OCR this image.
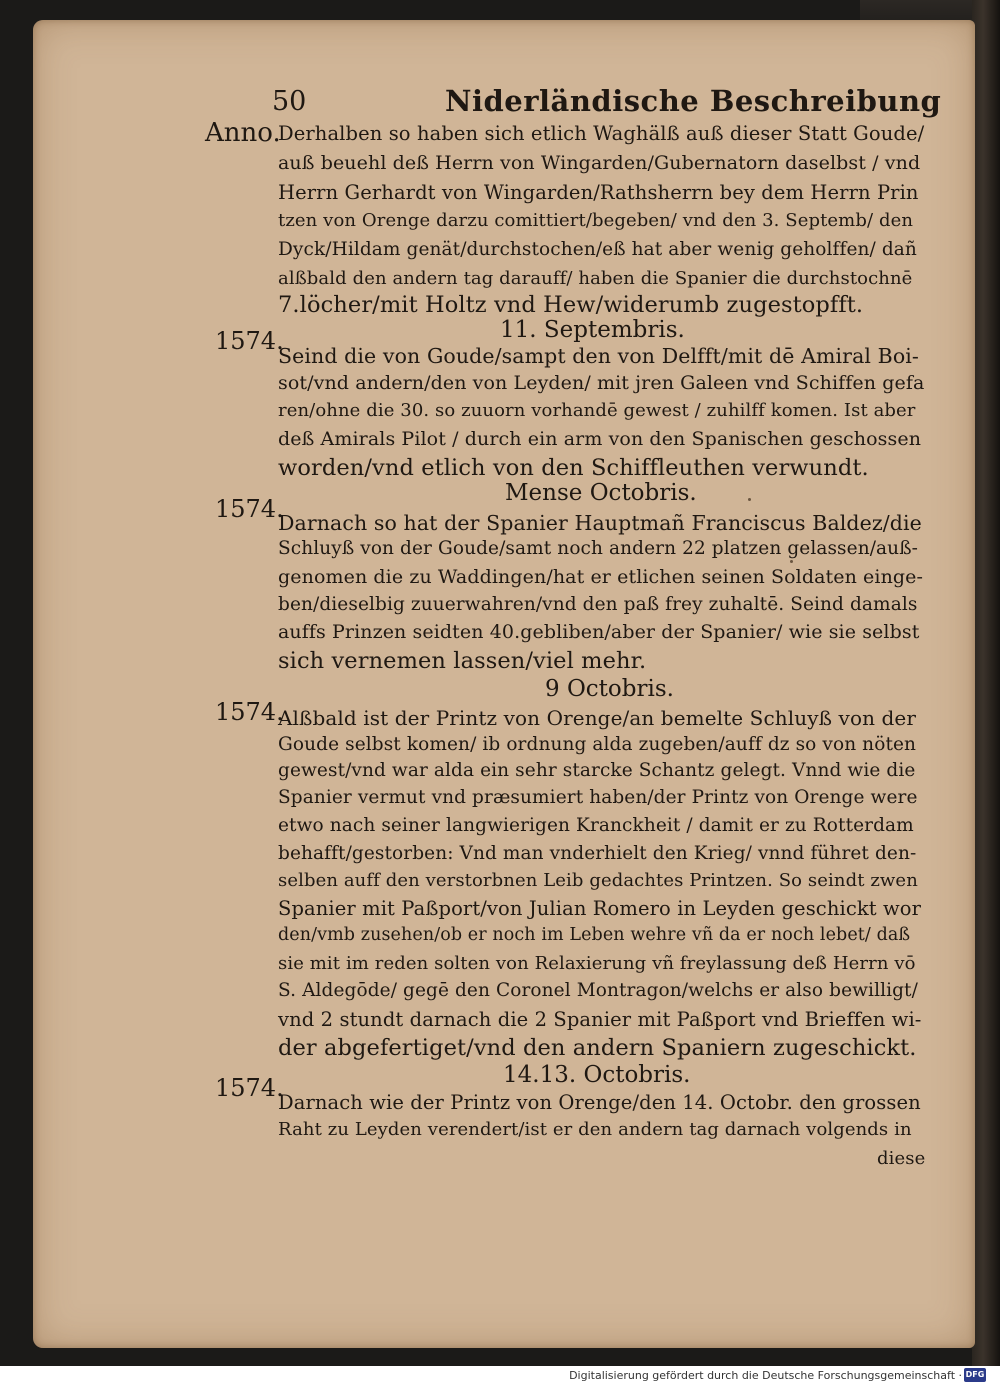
50	Niderländische Beschreibung
Anno.
1574.
1574.
1574.
1574.
Derhalben so haben sich etlich Waghälß auß dieser Statt Goude/
auß beuehl deß Herrn von Wingarden/Gubernatorn daselbst / vnd
Herrn Gerhardt von Wingarden/Rathsherrn bey dem Herrn Prin
tzen von Orenge darzu comittiert/begeben/ vnd den 3. Septemb/ den
Dyck/Hildam genät/durchstochen/eß hat aber wenig geholffen/ dañ
alßbald den andern tag darauff/ haben die Spanier die durchstochnē
7.löcher/mit Holtz vnd Hew/widerumb zugestopfft.
11. Septembris.
Seind die von Goude/sampt den von Delfft/mit dē Amiral Boi-
sot/vnd andern/den von Leyden/ mit jren Galeen vnd Schiffen gefa
ren/ohne die 30. so zuuorn vorhandē gewest / zuhilff komen. Ist aber
deß Amirals Pilot / durch ein arm von den Spanischen geschossen
worden/vnd etlich von den Schiffleuthen verwundt.
Mense Octobris.
Darnach so hat der Spanier Hauptmañ Franciscus Baldez/die
Schluyß von der Goude/samt noch andern 22 platzen gelassen/auß-
genomen die zu Waddingen/hat er etlichen seinen Soldaten einge-
ben/dieselbig zuuerwahren/vnd den paß frey zuhaltē. Seind damals
auffs Prinzen seidten 40.gebliben/aber der Spanier/ wie sie selbst
sich vernemen lassen/viel mehr.
9 Octobris.
Alßbald ist der Printz von Orenge/an bemelte Schluyß von der
Goude selbst komen/ ib ordnung alda zugeben/auff dz so von nöten
gewest/vnd war alda ein sehr starcke Schantz gelegt. Vnnd wie die
Spanier vermut vnd præsumiert haben/der Printz von Orenge were
etwo nach seiner langwierigen Kranckheit / damit er zu Rotterdam
behafft/gestorben: Vnd man vnderhielt den Krieg/ vnnd führet den-
selben auff den verstorbnen Leib gedachtes Printzen. So seindt zwen
Spanier mit Paßport/von Julian Romero in Leyden geschickt wor
den/vmb zusehen/ob er noch im Leben wehre vñ da er noch lebet/ daß
sie mit im reden solten von Relaxierung vñ freylassung deß Herrn vō
S. Aldegōde/ gegē den Coronel Montragon/welchs er also bewilligt/
vnd 2 stundt darnach die 2 Spanier mit Paßport vnd Brieffen wi-
der abgefertiget/vnd den andern Spaniern zugeschickt.
14.13. Octobris.
Darnach wie der Printz von Orenge/den 14. Octobr. den grossen
Raht zu Leyden verendert/ist er den andern tag darnach volgends in
diese
Digitalisierung gefördert durch die Deutsche Forschungsgemeinschaft · DFG
